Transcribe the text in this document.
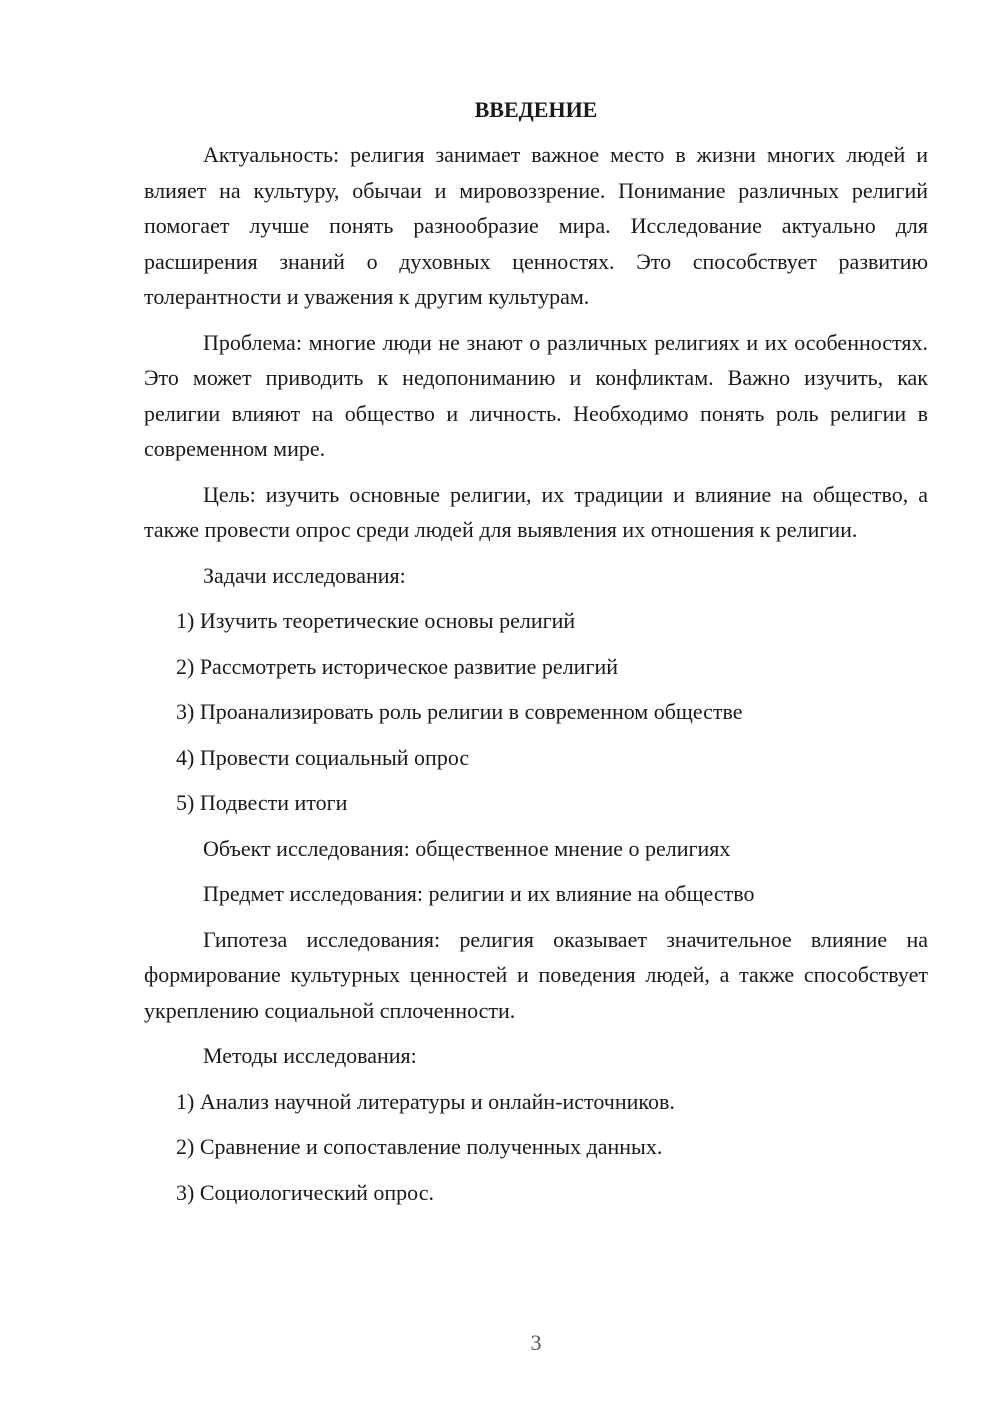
ВВЕДЕНИЕ

Актуальность: религия занимает важное место в жизни многих людей и влияет на культуру, обычаи и мировоззрение. Понимание различных религий помогает лучше понять разнообразие мира. Исследование актуально для расширения знаний о духовных ценностях. Это способствует развитию толерантности и уважения к другим культурам.

Проблема: многие люди не знают о различных религиях и их особенностях. Это может приводить к недопониманию и конфликтам. Важно изучить, как религии влияют на общество и личность. Необходимо понять роль религии в современном мире.

Цель: изучить основные религии, их традиции и влияние на общество, а также провести опрос среди людей для выявления их отношения к религии.

Задачи исследования:

1) Изучить теоретические основы религий
2) Рассмотреть историческое развитие религий
3) Проанализировать роль религии в современном обществе
4) Провести социальный опрос
5) Подвести итоги

Объект исследования: общественное мнение о религиях

Предмет исследования: религии и их влияние на общество

Гипотеза исследования: религия оказывает значительное влияние на формирование культурных ценностей и поведения людей, а также способствует укреплению социальной сплоченности.

Методы исследования:

1) Анализ научной литературы и онлайн-источников.
2) Сравнение и сопоставление полученных данных.
3) Социологический опрос.
3
